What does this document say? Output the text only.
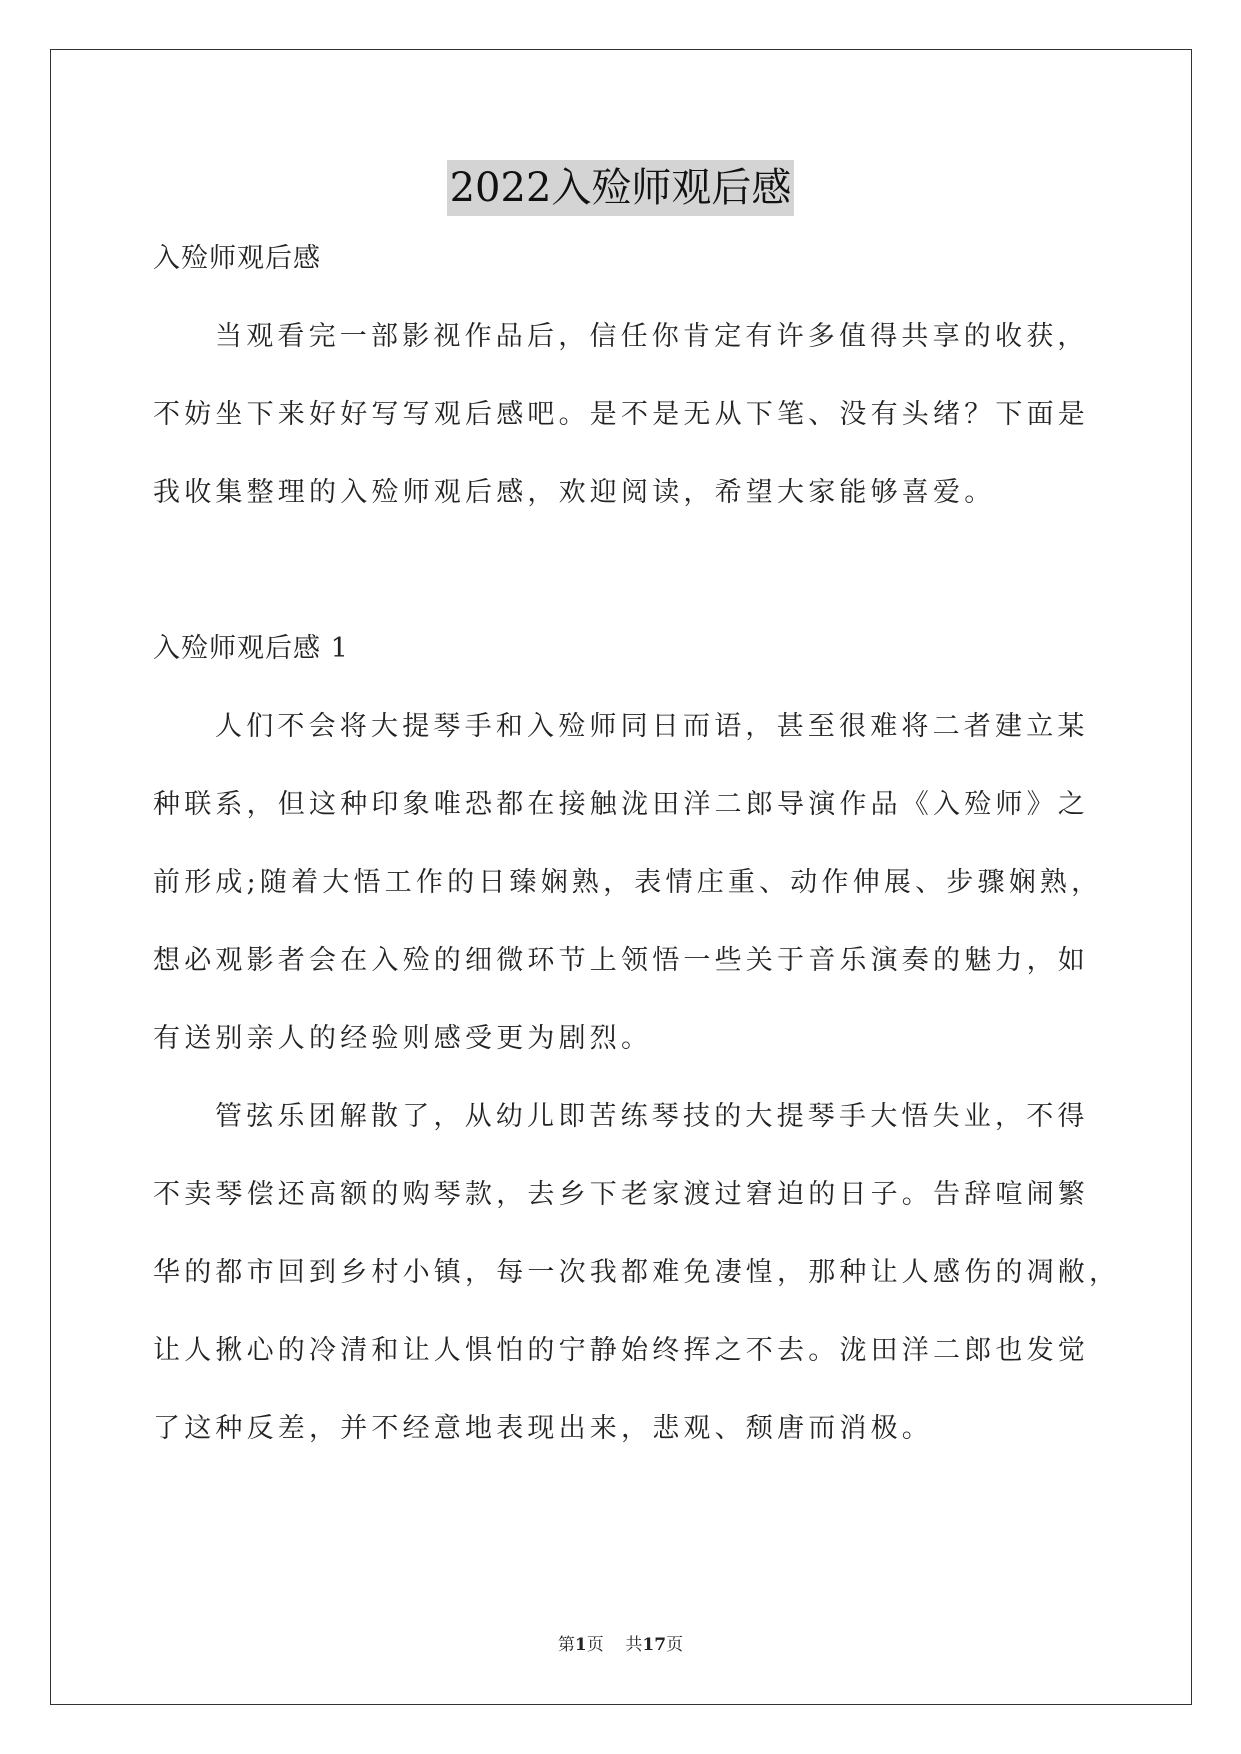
2022入殓师观后感
入殓师观后感
当观看完一部影视作品后，信任你肯定有许多值得共享的收获，
不妨坐下来好好写写观后感吧。是不是无从下笔、没有头绪？下面是
我收集整理的入殓师观后感，欢迎阅读，希望大家能够喜爱。
入殓师观后感 1
人们不会将大提琴手和入殓师同日而语，甚至很难将二者建立某
种联系，但这种印象唯恐都在接触泷田洋二郎导演作品《入殓师》之
前形成;随着大悟工作的日臻娴熟，表情庄重、动作伸展、步骤娴熟，
想必观影者会在入殓的细微环节上领悟一些关于音乐演奏的魅力，如
有送别亲人的经验则感受更为剧烈。
管弦乐团解散了，从幼儿即苦练琴技的大提琴手大悟失业，不得
不卖琴偿还高额的购琴款，去乡下老家渡过窘迫的日子。告辞喧闹繁
华的都市回到乡村小镇，每一次我都难免凄惶，那种让人感伤的凋敝，
让人揪心的冷清和让人惧怕的宁静始终挥之不去。泷田洋二郎也发觉
了这种反差，并不经意地表现出来，悲观、颓唐而消极。
第1页 共17页
